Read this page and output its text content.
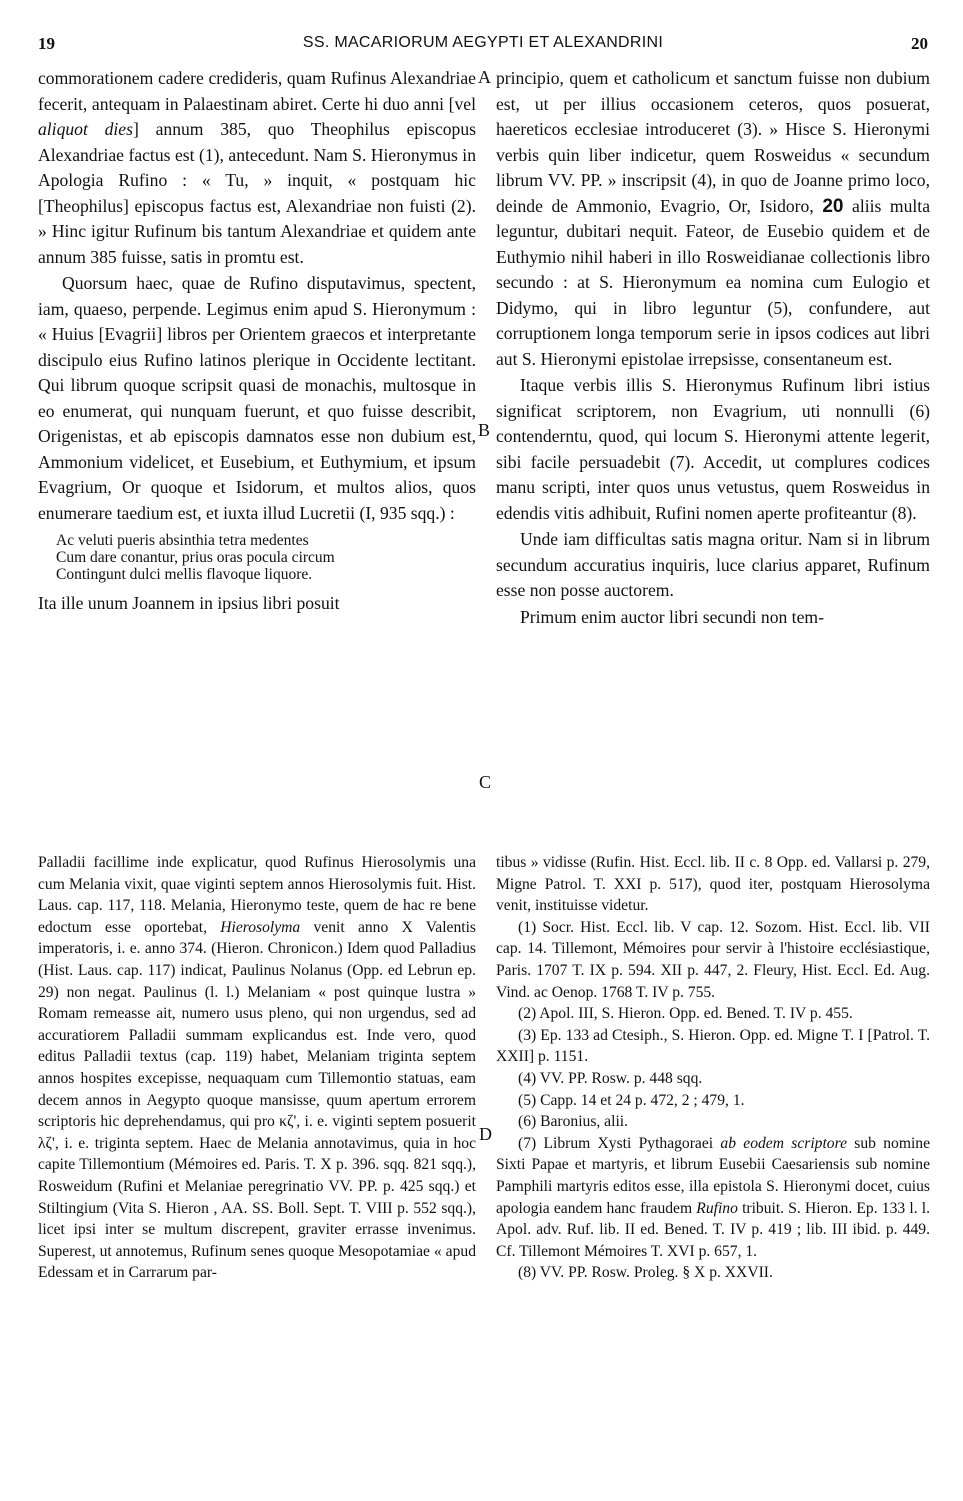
19	SS. MACARIORUM AEGYPTI ET ALEXANDRINI	20
A
B
C
D

commorationem cadere credideris, quam Rufinus Alexandriae fecerit, antequam in Palaestinam abiret. Certe hi duo anni [vel aliquot dies] annum 385, quo Theophilus episcopus Alexandriae factus est (1), antecedunt. Nam S. Hieronymus in Apologia Rufino : « Tu, » inquit, « postquam hic [Theophilus] episcopus factus est, Alexandriae non fuisti (2). » Hinc igitur Rufinum bis tantum Alexandriae et quidem ante annum 385 fuisse, satis in promtu est.

Quorsum haec, quae de Rufino disputavimus, spectent, iam, quaeso, perpende. Legimus enim apud S. Hieronymum : « Huius [Evagrii] libros per Orientem graecos et interpretante discipulo eius Rufino latinos plerique in Occidente lectitant. Qui librum quoque scripsit quasi de monachis, multosque in eo enumerat, qui nunquam fuerunt, et quo fuisse describit, Origenistas, et ab episcopis damnatos esse non dubium est, Ammonium videlicet, et Eusebium, et Euthymium, et ipsum Evagrium, Or quoque et Isidorum, et multos alios, quos enumerare taedium est, et iuxta illud Lucretii (I, 935 sqq.) :

Ac veluti pueris absinthia tetra medentes
Cum dare conantur, prius oras pocula circum
Contingunt dulci mellis flavoque liquore.

Ita ille unum Joannem in ipsius libri posuit

principio, quem et catholicum et sanctum fuisse non dubium est, ut per illius occasionem ceteros, quos posuerat, haereticos ecclesiae introduceret (3). » Hisce S. Hieronymi verbis quin liber indicetur, quem Rosweidus « secundum librum VV. PP. » inscripsit (4), in quo de Joanne primo loco, deinde de Ammonio, Evagrio, Or, Isidoro, 20 aliis multa leguntur, dubitari nequit. Fateor, de Eusebio quidem et de Euthymio nihil haberi in illo Rosweidianae collectionis libro secundo : at S. Hieronymum ea nomina cum Eulogio et Didymo, qui in libro leguntur (5), confundere, aut corruptionem longa temporum serie in ipsos codices aut libri aut S. Hieronymi epistolae irrepsisse, consentaneum est.

Itaque verbis illis S. Hieronymus Rufinum libri istius significat scriptorem, non Evagrium, uti nonnulli (6) contenderntu, quod, qui locum S. Hieronymi attente legerit, sibi facile persuadebit (7). Accedit, ut complures codices manu scripti, inter quos unus vetustus, quem Rosweidus in edendis vitis adhibuit, Rufini nomen aperte profiteantur (8).

Unde iam difficultas satis magna oritur. Nam si in librum secundum accuratius inquiris, luce clarius apparet, Rufinum esse non posse auctorem.

Primum enim auctor libri secundi non tem-

Palladii facillime inde explicatur, quod Rufinus Hierosolymis una cum Melania vixit, quae viginti septem annos Hierosolymis fuit. Hist. Laus. cap. 117, 118. Melania, Hieronymo teste, quem de hac re bene edoctum esse oportebat, Hierosolyma venit anno X Valentis imperatoris, i. e. anno 374. (Hieron. Chronicon.) Idem quod Palladius (Hist. Laus. cap. 117) indicat, Paulinus Nolanus (Opp. ed Lebrun ep. 29) non negat. Paulinus (l. l.) Melaniam « post quinque lustra » Romam remeasse ait, numero usus pleno, qui non urgendus, sed ad accuratiorem Palladii summam explicandus est. Inde vero, quod editus Palladii textus (cap. 119) habet, Melaniam triginta septem annos hospites excepisse, nequaquam cum Tillemontio statuas, eam decem annos in Aegypto quoque mansisse, quum apertum errorem scriptoris hic deprehendamus, qui pro κζ', i. e. viginti septem posuerit λζ', i. e. triginta septem. Haec de Melania annotavimus, quia in hoc capite Tillemontium (Mémoires ed. Paris. T. X p. 396. sqq. 821 sqq.), Rosweidum (Rufini et Melaniae peregrinatio VV. PP. p. 425 sqq.) et Stiltingium (Vita S. Hieron , AA. SS. Boll. Sept. T. VIII p. 552 sqq.), licet ipsi inter se multum discrepent, graviter errasse invenimus. Superest, ut annotemus, Rufinum senes quoque Mesopotamiae « apud Edessam et in Carrarum par-

tibus » vidisse (Rufin. Hist. Eccl. lib. II c. 8 Opp. ed. Vallarsi p. 279, Migne Patrol. T. XXI p. 517), quod iter, postquam Hierosolyma venit, instituisse videtur.

(1) Socr. Hist. Eccl. lib. V cap. 12. Sozom. Hist. Eccl. lib. VII cap. 14. Tillemont, Mémoires pour servir à l'histoire ecclésiastique, Paris. 1707 T. IX p. 594. XII p. 447, 2. Fleury, Hist. Eccl. Ed. Aug. Vind. ac Oenop. 1768 T. IV p. 755.

(2) Apol. III, S. Hieron. Opp. ed. Bened. T. IV p. 455.

(3) Ep. 133 ad Ctesiph., S. Hieron. Opp. ed. Migne T. I [Patrol. T. XXII] p. 1151.

(4) VV. PP. Rosw. p. 448 sqq.

(5) Capp. 14 et 24 p. 472, 2 ; 479, 1.

(6) Baronius, alii.

(7) Librum Xysti Pythagoraei ab eodem scriptore sub nomine Sixti Papae et martyris, et librum Eusebii Caesariensis sub nomine Pamphili martyris editos esse, illa epistola S. Hieronymi docet, cuius apologia eandem hanc fraudem Rufino tribuit. S. Hieron. Ep. 133 l. l. Apol. adv. Ruf. lib. II ed. Bened. T. IV p. 419 ; lib. III ibid. p. 449. Cf. Tillemont Mémoires T. XVI p. 657, 1.

(8) VV. PP. Rosw. Proleg. § X p. XXVII.
